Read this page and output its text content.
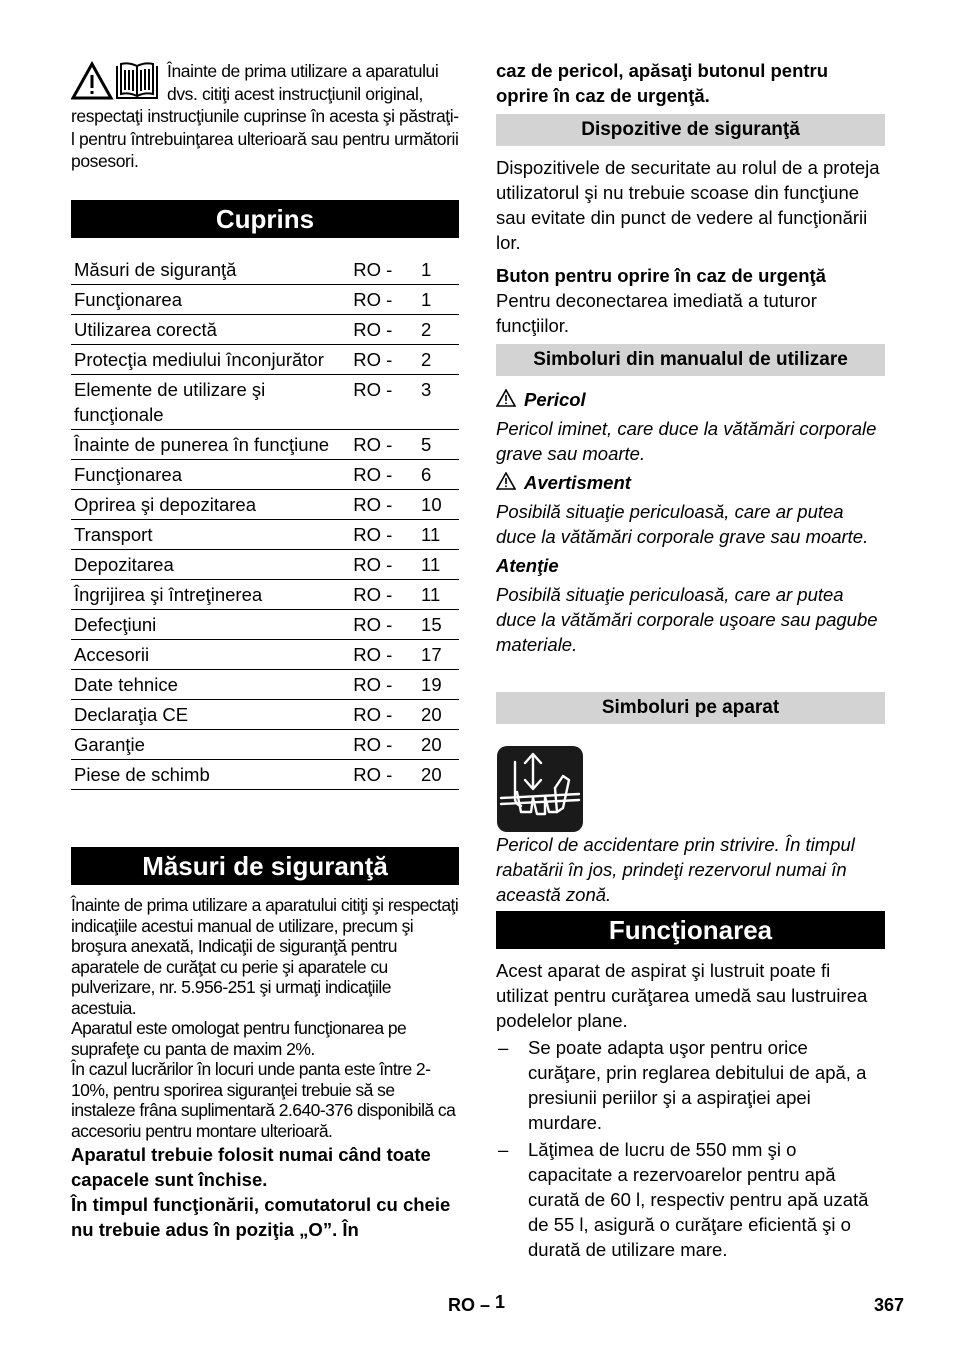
Înainte de prima utilizare a aparatului dvs. citiţi acest instrucţiunil original, respectaţi instrucţiunile cuprinse în acesta şi păstraţi-l pentru întrebuinţarea ulterioară sau pentru următorii posesori.
Cuprins
Măsuri de siguranţă	RO -	1
Funcţionarea	RO -	1
Utilizarea corectă	RO -	2
Protecţia mediului înconjurător	RO -	2
Elemente de utilizare şi funcţionale	RO -	3
Înainte de punerea în funcţiune	RO -	5
Funcţionarea	RO -	6
Oprirea şi depozitarea	RO -	10
Transport	RO -	11
Depozitarea	RO -	11
Îngrijirea şi întreţinerea	RO -	11
Defecţiuni	RO -	15
Accesorii	RO -	17
Date tehnice	RO -	19
Declaraţia CE	RO -	20
Garanţie	RO -	20
Piese de schimb	RO -	20
Măsuri de siguranţă

Înainte de prima utilizare a aparatului citiţi şi respectaţi indicaţiile acestui manual de utilizare, precum şi broşura anexată, Indicaţii de siguranţă pentru aparatele de curăţat cu perie şi aparatele cu pulverizare, nr. 5.956-251 şi urmaţi indicaţiile acestuia.

Aparatul este omologat pentru funcţionarea pe suprafeţe cu panta de maxim 2%.

În cazul lucrărilor în locuri unde panta este între 2-10%, pentru sporirea siguranţei trebuie să se instaleze frâna suplimentară 2.640-376 disponibilă ca accesoriu pentru montare ulterioară.

Aparatul trebuie folosit numai când toate capacele sunt închise.

În timpul funcţionării, comutatorul cu cheie nu trebuie adus în poziţia „O”. În

caz de pericol, apăsaţi butonul pentru oprire în caz de urgenţă.
Dispozitive de siguranţă

Dispozitivele de securitate au rolul de a proteja utilizatorul şi nu trebuie scoase din funcţiune sau evitate din punct de vedere al funcţionării lor.

Buton pentru oprire în caz de urgenţă

Pentru deconectarea imediată a tuturor funcţiilor.

Simboluri din manualul de utilizare

Pericol

Pericol iminet, care duce la vătămări corporale grave sau moarte.

Avertisment

Posibilă situaţie periculoasă, care ar putea duce la vătămări corporale grave sau moarte.

Atenţie

Posibilă situaţie periculoasă, care ar putea duce la vătămări corporale uşoare sau pagube materiale.

Simboluri pe aparat
Pericol de accidentare prin strivire. În timpul rabatării în jos, prindeţi rezervorul numai în această zonă.
Funcţionarea

Acest aparat de aspirat şi lustruit poate fi utilizat pentru curăţarea umedă sau lustruirea podelelor plane.

– Se poate adapta uşor pentru orice curăţare, prin reglarea debitului de apă, a presiunii periilor şi a aspiraţiei apei murdare.
– Lăţimea de lucru de 550 mm şi o capacitate a rezervoarelor pentru apă curată de 60 l, respectiv pentru apă uzată de 55 l, asigură o curăţare eficientă şi o durată de utilizare mare.
RO – 1	367
